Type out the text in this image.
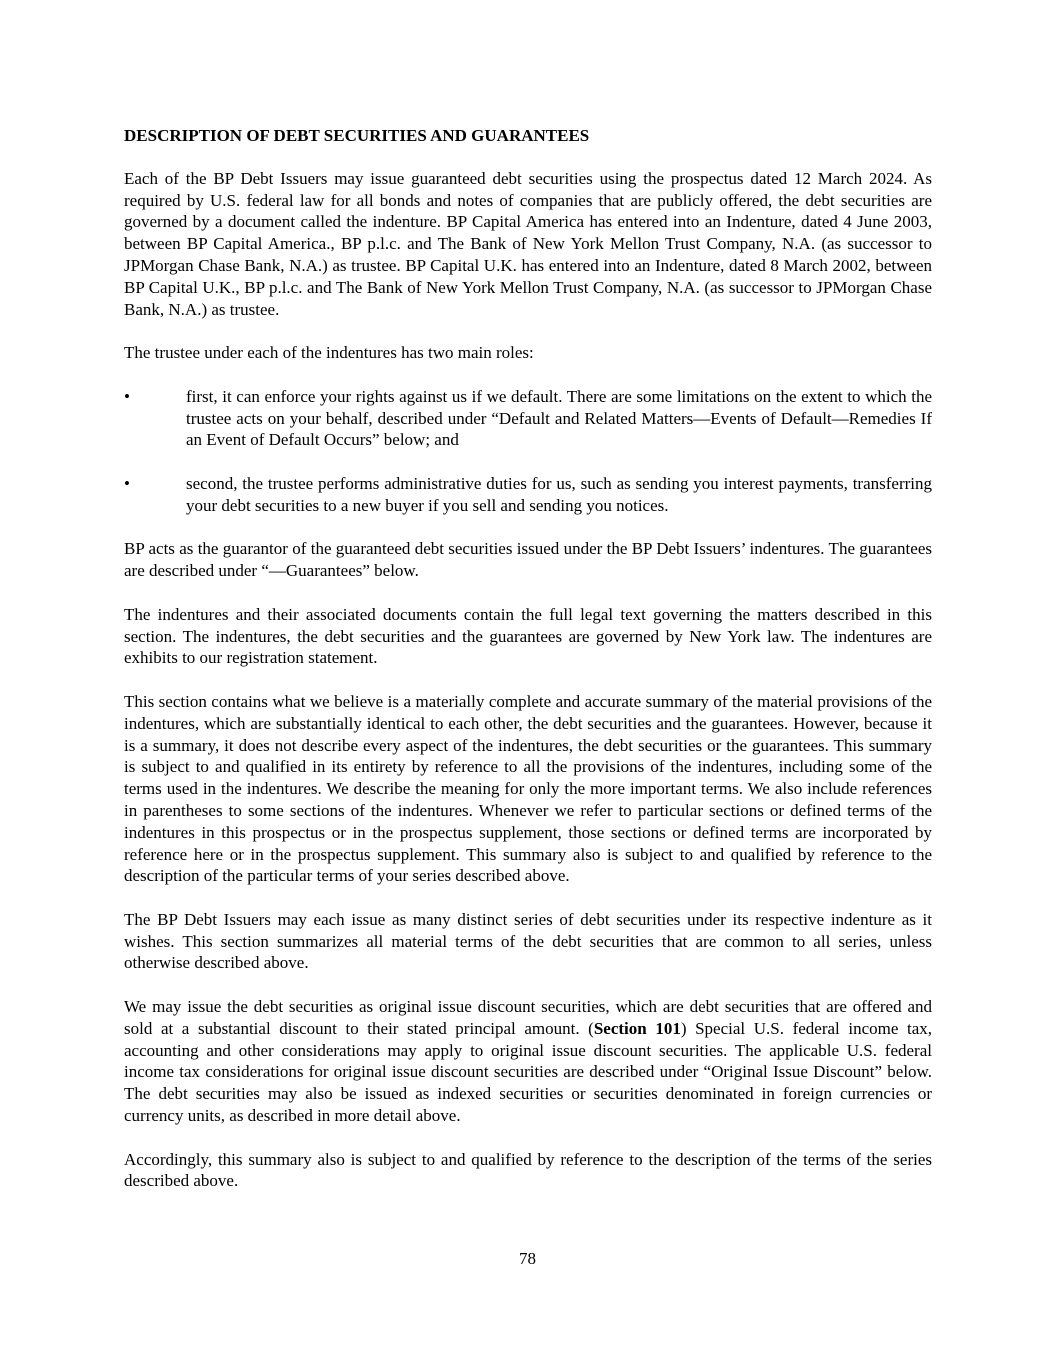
DESCRIPTION OF DEBT SECURITIES AND GUARANTEES

Each of the BP Debt Issuers may issue guaranteed debt securities using the prospectus dated 12 March 2024. As required by U.S. federal law for all bonds and notes of companies that are publicly offered, the debt securities are governed by a document called the indenture. BP Capital America has entered into an Indenture, dated 4 June 2003, between BP Capital America., BP p.l.c. and The Bank of New York Mellon Trust Company, N.A. (as successor to JPMorgan Chase Bank, N.A.) as trustee. BP Capital U.K. has entered into an Indenture, dated 8 March 2002, between BP Capital U.K., BP p.l.c. and The Bank of New York Mellon Trust Company, N.A. (as successor to JPMorgan Chase Bank, N.A.) as trustee.

The trustee under each of the indentures has two main roles:

•	first, it can enforce your rights against us if we default. There are some limitations on the extent to which the trustee acts on your behalf, described under “Default and Related Matters—Events of Default—Remedies If an Event of Default Occurs” below; and
•	second, the trustee performs administrative duties for us, such as sending you interest payments, transferring your debt securities to a new buyer if you sell and sending you notices.

BP acts as the guarantor of the guaranteed debt securities issued under the BP Debt Issuers’ indentures. The guarantees are described under “—Guarantees” below.

The indentures and their associated documents contain the full legal text governing the matters described in this section. The indentures, the debt securities and the guarantees are governed by New York law. The indentures are exhibits to our registration statement.

This section contains what we believe is a materially complete and accurate summary of the material provisions of the indentures, which are substantially identical to each other, the debt securities and the guarantees. However, because it is a summary, it does not describe every aspect of the indentures, the debt securities or the guarantees. This summary is subject to and qualified in its entirety by reference to all the provisions of the indentures, including some of the terms used in the indentures. We describe the meaning for only the more important terms. We also include references in parentheses to some sections of the indentures. Whenever we refer to particular sections or defined terms of the indentures in this prospectus or in the prospectus supplement, those sections or defined terms are incorporated by reference here or in the prospectus supplement. This summary also is subject to and qualified by reference to the description of the particular terms of your series described above.

The BP Debt Issuers may each issue as many distinct series of debt securities under its respective indenture as it wishes. This section summarizes all material terms of the debt securities that are common to all series, unless otherwise described above.

We may issue the debt securities as original issue discount securities, which are debt securities that are offered and sold at a substantial discount to their stated principal amount. (Section 101) Special U.S. federal income tax, accounting and other considerations may apply to original issue discount securities. The applicable U.S. federal income tax considerations for original issue discount securities are described under “Original Issue Discount” below. The debt securities may also be issued as indexed securities or securities denominated in foreign currencies or currency units, as described in more detail above.

Accordingly, this summary also is subject to and qualified by reference to the description of the terms of the series described above.

78
